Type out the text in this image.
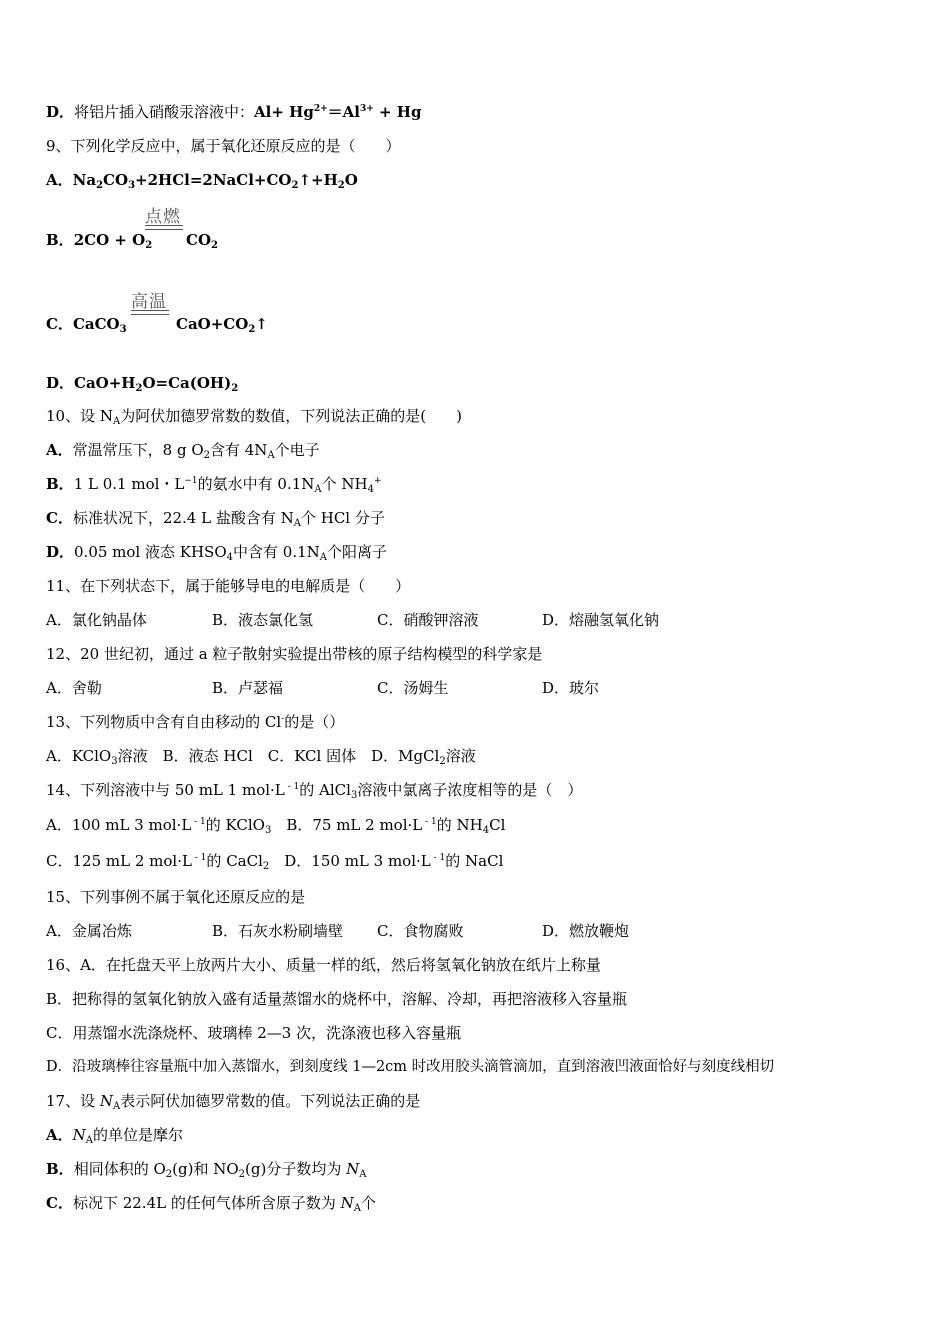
D．将铝片插入硝酸汞溶液中：$Al+ Hg^{2+}=Al^{3+} + Hg$
9、下列化学反应中，属于氧化还原反应的是（　　）
A．$Na_2CO_3+2HCl=2NaCl+CO_2↑+H_2O$
B．$2CO + O_2$
点燃
$CO_2$
C．CaCO$_3$
高温
$CaO+CO_2↑$
D．$CaO+H_2O=Ca(OH)_2$
10、设 $N_A$为阿伏加德罗常数的数值，下列说法正确的是(　　)
A．常温常压下，8 g $O_2$含有 $4N_A$个电子
B．1 L 0.1 mol・$L^{-1}$的氨水中有 $0.1N_A$个 $NH_4^+$
C．标准状况下，22.4 L 盐酸含有 $N_A$个 HCl 分子
D．0.05 mol 液态 $KHSO_4$中含有 $0.1N_A$个阳离子
11、在下列状态下，属于能够导电的电解质是（　　）
A．氯化钠晶体	B．液态氯化氢	C．硝酸钾溶液	D．熔融氢氧化钠
12、20 世纪初，通过 a 粒子散射实验提出带核的原子结构模型的科学家是
A．舍勒	B．卢瑟福	C．汤姆生	D．玻尔
13、下列物质中含有自由移动的 Cl-的是（）
A．KClO$_3$溶液　B．液态 HCl　C．KCl 固体　D．MgCl$_2$溶液
14、下列溶液中与 50 mL 1 mol·L $^{- 1}$的 AlCl$_3$溶液中氯离子浓度相等的是（　）
A．100 mL 3 mol·L $^{- 1}$的 KClO$_3$　B．75 mL 2 mol·L $^{- 1}$的 $NH_4Cl$
C．125 mL 2 mol·L $^{- 1}$的 CaCl$_2$　D．150 mL 3 mol·L $^{- 1}$的 NaCl
15、下列事例不属于氧化还原反应的是
A．金属冶炼	B．石灰水粉刷墙壁 C．食物腐败	D．燃放鞭炮
16、A．在托盘天平上放两片大小、质量一样的纸，然后将氢氧化钠放在纸片上称量
B．把称得的氢氧化钠放入盛有适量蒸馏水的烧杯中，溶解、冷却，再把溶液移入容量瓶
C．用蒸馏水洗涤烧杯、玻璃棒 2—3 次，洗涤液也移入容量瓶
D．沿玻璃棒往容量瓶中加入蒸馏水，到刻度线 1—2cm 时改用胶头滴管滴加，直到溶液凹液面恰好与刻度线相切
17、设 $N_A$表示阿伏加德罗常数的值。下列说法正确的是
A．$N_A$的单位是摩尔
B．相同体积的 $O_2(g)$和 $NO_2(g)$分子数均为 $N_A$
C．标况下 22.4L 的任何气体所含原子数为 $N_A$个
